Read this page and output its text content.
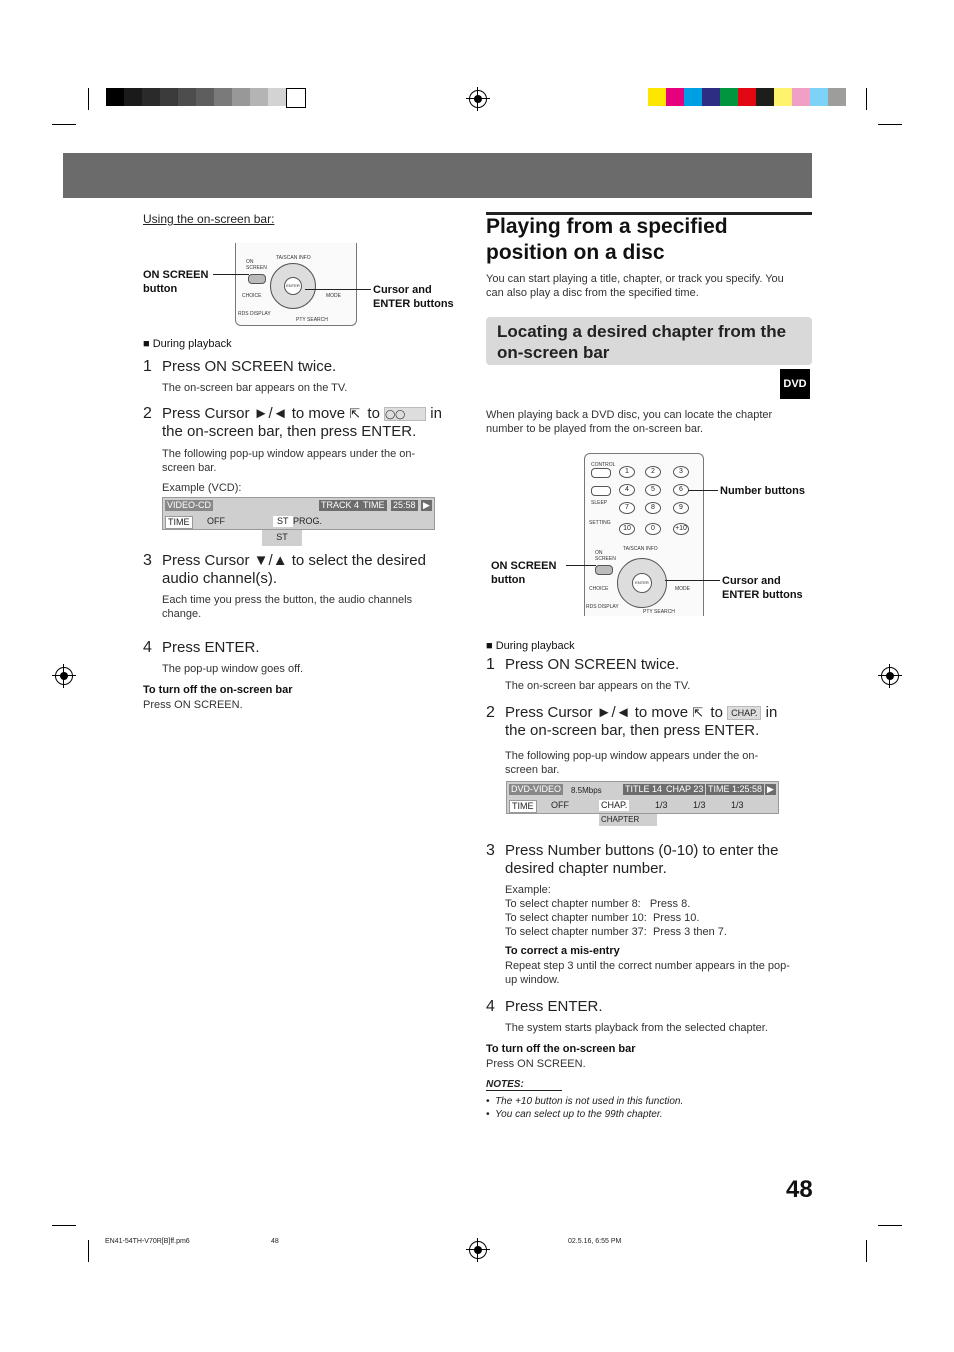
Using the on-screen bar:
TA/SCAN INFO
ON
SCREEN
ENTER
CHOICE	MODE
RDS DISPLAY
PTY SEARCH
ON SCREEN button	Cursor and ENTER buttons
■ During playback
1 Press ON SCREEN twice.
The on-screen bar appears on the TV.
2 Press Cursor ►/◄ to move ⇱ to ◯◯ in
the on-screen bar, then press ENTER.
The following pop-up window appears under the on-screen bar.
Example (VCD):
VIDEO-CD	TRACK 4 TIME 25:58 ▶
TIME	OFF	ST PROG.
ST
3 Press Cursor ▼/▲ to select the desired audio channel(s).
Each time you press the button, the audio channels change.
4 Press ENTER.
The pop-up window goes off.
To turn off the on-screen bar
Press ON SCREEN.
Playing from a specified
position on a disc
You can start playing a title, chapter, or track you specify. You can also play a disc from the specified time.
Locating a desired chapter from the on-screen bar
DVD
When playing back a DVD disc, you can locate the chapter number to be played from the on-screen bar.
CONTROL
1	2	3
4	5	6
7	8	9
10	0	+10
SLEEP
SETTING
TA/SCAN INFO
ON
SCREEN
ENTER
CHOICE	MODE
RDS DISPLAY
PTY SEARCH
Number buttons
ON SCREEN button	Cursor and ENTER buttons
■ During playback
1 Press ON SCREEN twice.
The on-screen bar appears on the TV.
2 Press Cursor ►/◄ to move ⇱ to CHAP. in
the on-screen bar, then press ENTER.
The following pop-up window appears under the on-screen bar.
DVD-VIDEO 8.5Mbps	TITLE 14 CHAP 23 TIME 1:25:58 ▶
TIME	OFF	CHAP.	1/3	1/3	1/3
CHAPTER
3 Press Number buttons (0-10) to enter the desired chapter number.
Example:
To select chapter number 8:   Press 8.
To select chapter number 10:  Press 10.
To select chapter number 37:  Press 3 then 7.
To correct a mis-entry
Repeat step 3 until the correct number appears in the pop-up window.
4 Press ENTER.
The system starts playback from the selected chapter.
To turn off the on-screen bar
Press ON SCREEN.
NOTES:
•  The +10 button is not used in this function.
•  You can select up to the 99th chapter.
48
EN41-54TH-V70R[B]ff.pm6	48	02.5.16, 6:55 PM
